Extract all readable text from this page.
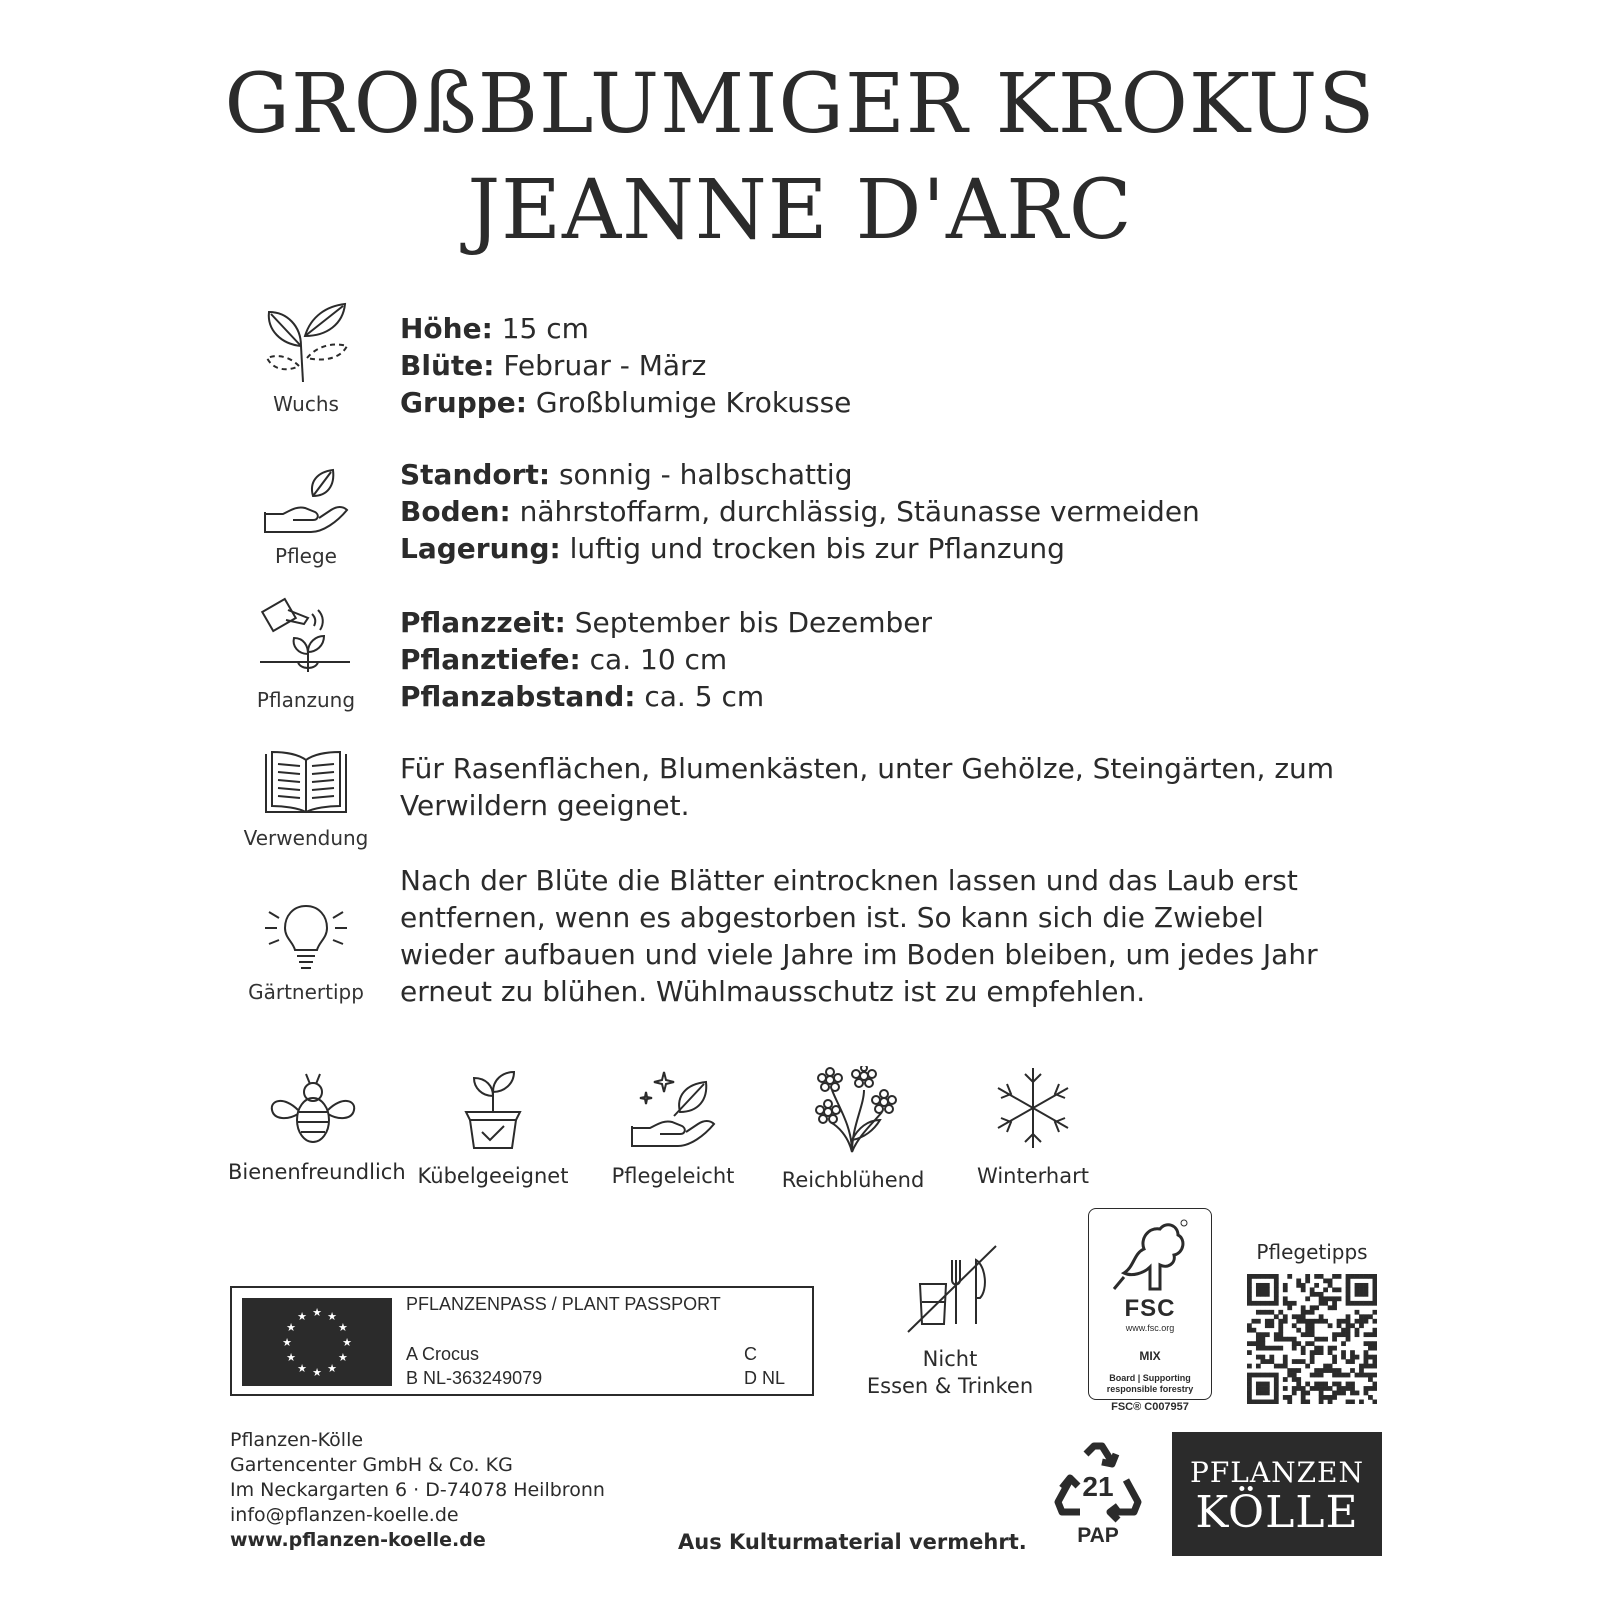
GROßBLUMIGER KROKUS
JEANNE D'ARC
Wuchs
Höhe: 15 cm
Blüte: Februar - März
Gruppe: Großblumige Krokusse
Pflege
Standort: sonnig - halbschattig
Boden: nährstoffarm, durchlässig, Stäunasse vermeiden
Lagerung: luftig und trocken bis zur Pflanzung
Pflanzung
Pflanzzeit: September bis Dezember
Pflanztiefe: ca. 10 cm
Pflanzabstand: ca. 5 cm
Verwendung
Für Rasenflächen, Blumenkästen, unter Gehölze, Steingärten, zum Verwildern geeignet.
Gärtnertipp
Nach der Blüte die Blätter eintrocknen lassen und das Laub erst entfernen, wenn es abgestorben ist. So kann sich die Zwiebel wieder aufbauen und viele Jahre im Boden bleiben, um jedes Jahr erneut zu blühen. Wühlmausschutz ist zu empfehlen.
Bienenfreundlich Kübelgeeignet	Pflegeleicht	Reichblühend	Winterhart
★ ★
★
★
★
★
★
★
★
★
★
★
PFLANZENPASS / PLANT PASSPORT
A Crocus
B NL-363249079
C
D NL
Nicht
Essen & Trinken
FSC
www.fsc.org
MIX
Board | Supporting
responsible forestry
FSC® C007957
Pflegetipps
Pflanzen-Kölle
Gartencenter GmbH & Co. KG
Im Neckargarten 6 · D-74078 Heilbronn
info@pflanzen-koelle.de
www.pflanzen-koelle.de	Aus Kulturmaterial vermehrt.
21
PAP
PFLANZEN
KÖLLE
